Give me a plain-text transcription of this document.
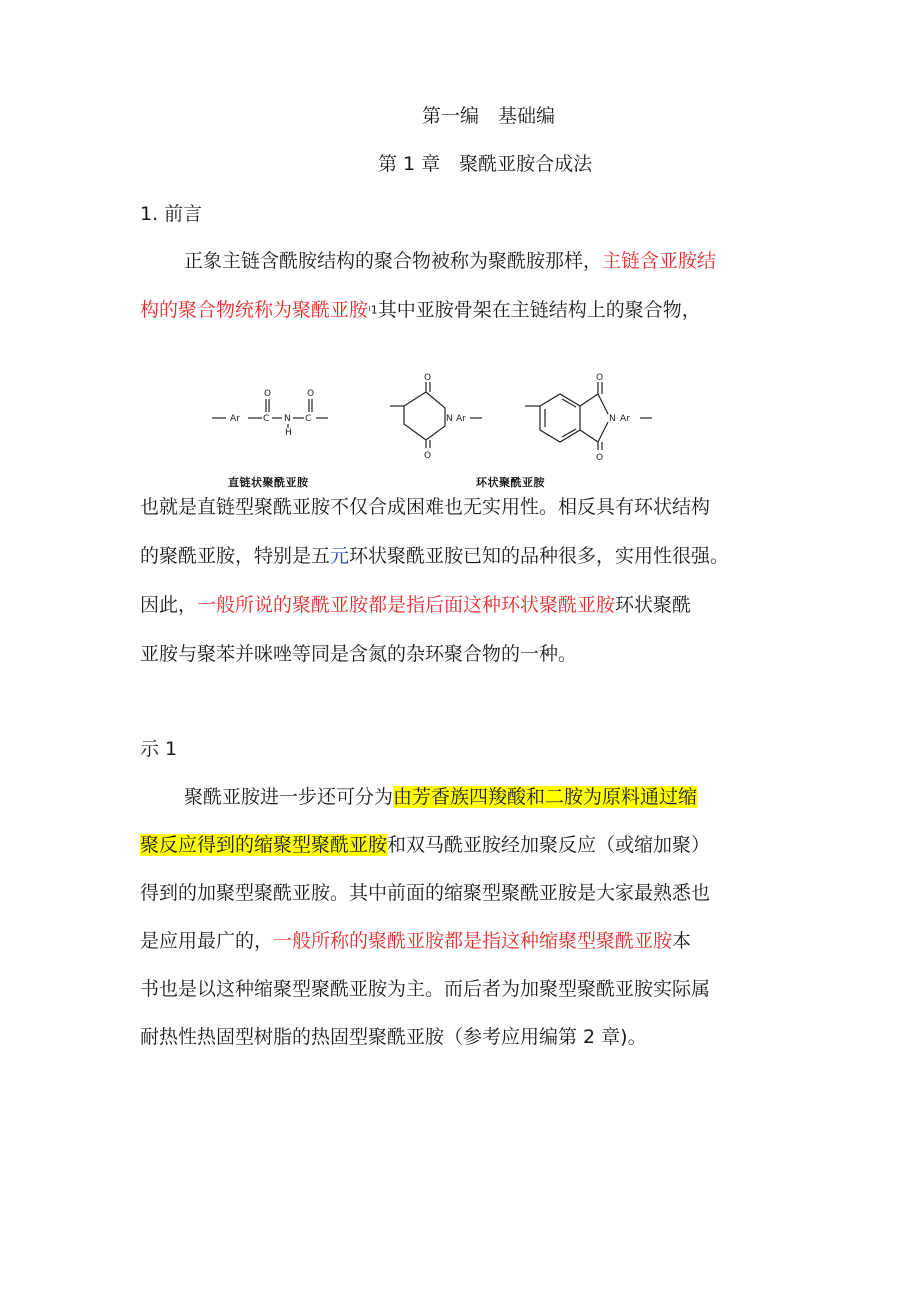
第一编　基础编
第 1 章　聚酰亚胺合成法
1. 前言
正象主链含酰胺结构的聚合物被称为聚酰胺那样，主链含亚胺结
构的聚合物统称为聚酰亚胺⁾1其中亚胺骨架在主链结构上的聚合物，
Ar	C N
H
C
O	O
O
O
N Ar
O
O
N Ar
直链状聚酰亚胺	环状聚酰亚胺
也就是直链型聚酰亚胺不仅合成困难也无实用性。相反具有环状结构
的聚酰亚胺，特别是五元环状聚酰亚胺已知的品种很多，实用性很强。
因此，一般所说的聚酰亚胺都是指后面这种环状聚酰亚胺环状聚酰
亚胺与聚苯并咪唑等同是含氮的杂环聚合物的一种。
示 1
聚酰亚胺进一步还可分为由芳香族四羧酸和二胺为原料通过缩
聚反应得到的缩聚型聚酰亚胺和双马酰亚胺经加聚反应（或缩加聚）
得到的加聚型聚酰亚胺。其中前面的缩聚型聚酰亚胺是大家最熟悉也
是应用最广的，一般所称的聚酰亚胺都是指这种缩聚型聚酰亚胺本
书也是以这种缩聚型聚酰亚胺为主。而后者为加聚型聚酰亚胺实际属
耐热性热固型树脂的热固型聚酰亚胺（参考应用编第 2 章)。
